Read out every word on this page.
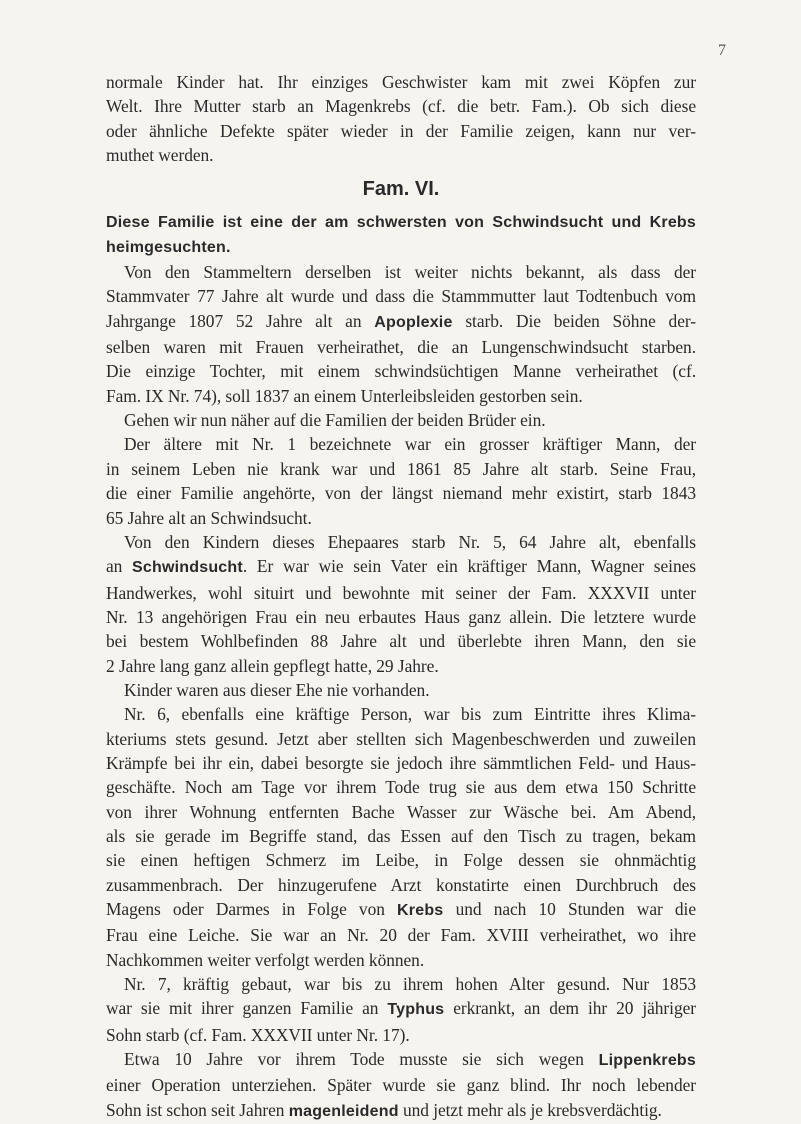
7
normale Kinder hat. Ihr einziges Geschwister kam mit zwei Köpfen zur
Welt. Ihre Mutter starb an Magenkrebs (cf. die betr. Fam.). Ob sich diese
oder ähnliche Defekte später wieder in der Familie zeigen, kann nur ver-
muthet werden.
Fam. VI.
Diese Familie ist eine der am schwersten von Schwindsucht und Krebs
heimgesuchten.
Von den Stammeltern derselben ist weiter nichts bekannt, als dass der
Stammvater 77 Jahre alt wurde und dass die Stammmutter laut Todtenbuch vom
Jahrgange 1807 52 Jahre alt an Apoplexie starb. Die beiden Söhne der-
selben waren mit Frauen verheirathet, die an Lungenschwindsucht starben.
Die einzige Tochter, mit einem schwindsüchtigen Manne verheirathet (cf.
Fam. IX Nr. 74), soll 1837 an einem Unterleibsleiden gestorben sein.
Gehen wir nun näher auf die Familien der beiden Brüder ein.
Der ältere mit Nr. 1 bezeichnete war ein grosser kräftiger Mann, der
in seinem Leben nie krank war und 1861 85 Jahre alt starb. Seine Frau,
die einer Familie angehörte, von der längst niemand mehr existirt, starb 1843
65 Jahre alt an Schwindsucht.
Von den Kindern dieses Ehepaares starb Nr. 5, 64 Jahre alt, ebenfalls
an Schwindsucht. Er war wie sein Vater ein kräftiger Mann, Wagner seines
Handwerkes, wohl situirt und bewohnte mit seiner der Fam. XXXVII unter
Nr. 13 angehörigen Frau ein neu erbautes Haus ganz allein. Die letztere wurde
bei bestem Wohlbefinden 88 Jahre alt und überlebte ihren Mann, den sie
2 Jahre lang ganz allein gepflegt hatte, 29 Jahre.
Kinder waren aus dieser Ehe nie vorhanden.
Nr. 6, ebenfalls eine kräftige Person, war bis zum Eintritte ihres Klima-
kteriums stets gesund. Jetzt aber stellten sich Magenbeschwerden und zuweilen
Krämpfe bei ihr ein, dabei besorgte sie jedoch ihre sämmtlichen Feld- und Haus-
geschäfte. Noch am Tage vor ihrem Tode trug sie aus dem etwa 150 Schritte
von ihrer Wohnung entfernten Bache Wasser zur Wäsche bei. Am Abend,
als sie gerade im Begriffe stand, das Essen auf den Tisch zu tragen, bekam
sie einen heftigen Schmerz im Leibe, in Folge dessen sie ohnmächtig
zusammenbrach. Der hinzugerufene Arzt konstatirte einen Durchbruch des
Magens oder Darmes in Folge von Krebs und nach 10 Stunden war die
Frau eine Leiche. Sie war an Nr. 20 der Fam. XVIII verheirathet, wo ihre
Nachkommen weiter verfolgt werden können.
Nr. 7, kräftig gebaut, war bis zu ihrem hohen Alter gesund. Nur 1853
war sie mit ihrer ganzen Familie an Typhus erkrankt, an dem ihr 20 jähriger
Sohn starb (cf. Fam. XXXVII unter Nr. 17).
Etwa 10 Jahre vor ihrem Tode musste sie sich wegen Lippenkrebs
einer Operation unterziehen. Später wurde sie ganz blind. Ihr noch lebender
Sohn ist schon seit Jahren magenleidend und jetzt mehr als je krebsverdächtig.
